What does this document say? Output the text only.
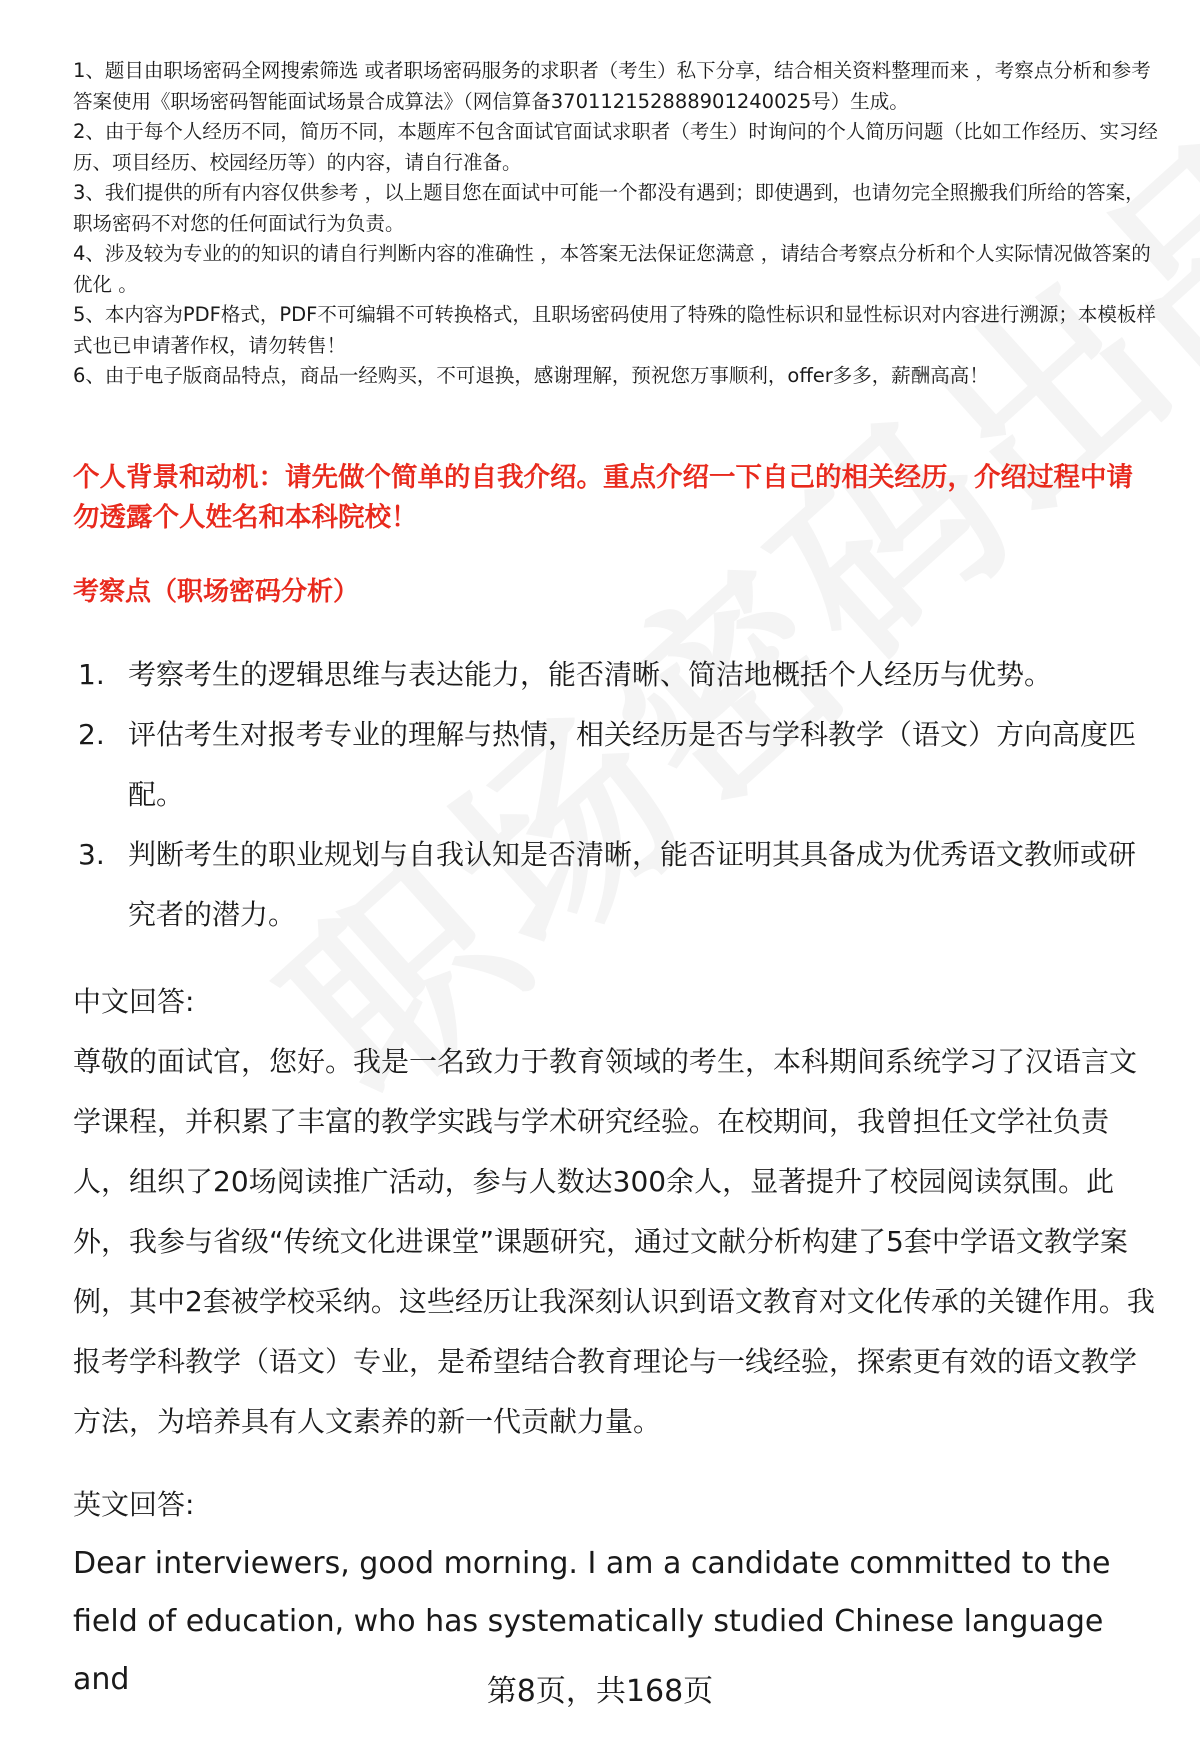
1、题目由职场密码全网搜索筛选 或者职场密码服务的求职者（考生）私下分享，结合相关资料整理而来 ，考察点分析和参考答案使用《职场密码智能面试场景合成算法》（网信算备370112152888901240025号）生成。

2、由于每个人经历不同，简历不同，本题库不包含面试官面试求职者（考生）时询问的个人简历问题（比如工作经历、实习经历、项目经历、校园经历等）的内容，请自行准备。

3、我们提供的所有内容仅供参考 ，以上题目您在面试中可能一个都没有遇到；即使遇到，也请勿完全照搬我们所给的答案，职场密码不对您的任何面试行为负责。

4、涉及较为专业的的知识的请自行判断内容的准确性 ，本答案无法保证您满意 ，请结合考察点分析和个人实际情况做答案的优化 。

5、本内容为PDF格式，PDF不可编辑不可转换格式，且职场密码使用了特殊的隐性标识和显性标识对内容进行溯源；本模板样式也已申请著作权，请勿转售！

6、由于电子版商品特点，商品一经购买，不可退换，感谢理解，预祝您万事顺利，offer多多，薪酬高高！

个人背景和动机：请先做个简单的自我介绍。重点介绍一下自己的相关经历，介绍过程中请勿透露个人姓名和本科院校！

考察点（职场密码分析）

1. 考察考生的逻辑思维与表达能力，能否清晰、简洁地概括个人经历与优势。
2. 评估考生对报考专业的理解与热情，相关经历是否与学科教学（语文）方向高度匹配。
3. 判断考生的职业规划与自我认知是否清晰，能否证明其具备成为优秀语文教师或研究者的潜力。

中文回答:

尊敬的面试官，您好。我是一名致力于教育领域的考生，本科期间系统学习了汉语言文学课程，并积累了丰富的教学实践与学术研究经验。在校期间，我曾担任文学社负责人，组织了20场阅读推广活动，参与人数达300余人，显著提升了校园阅读氛围。此外，我参与省级“传统文化进课堂”课题研究，通过文献分析构建了5套中学语文教学案例，其中2套被学校采纳。这些经历让我深刻认识到语文教育对文化传承的关键作用。我报考学科教学（语文）专业，是希望结合教育理论与一线经验，探索更有效的语文教学方法，为培养具有人文素养的新一代贡献力量。

英文回答:

Dear interviewers, good morning. I am a candidate committed to the field of education, who has systematically studied Chinese language and	第8页，共168页
